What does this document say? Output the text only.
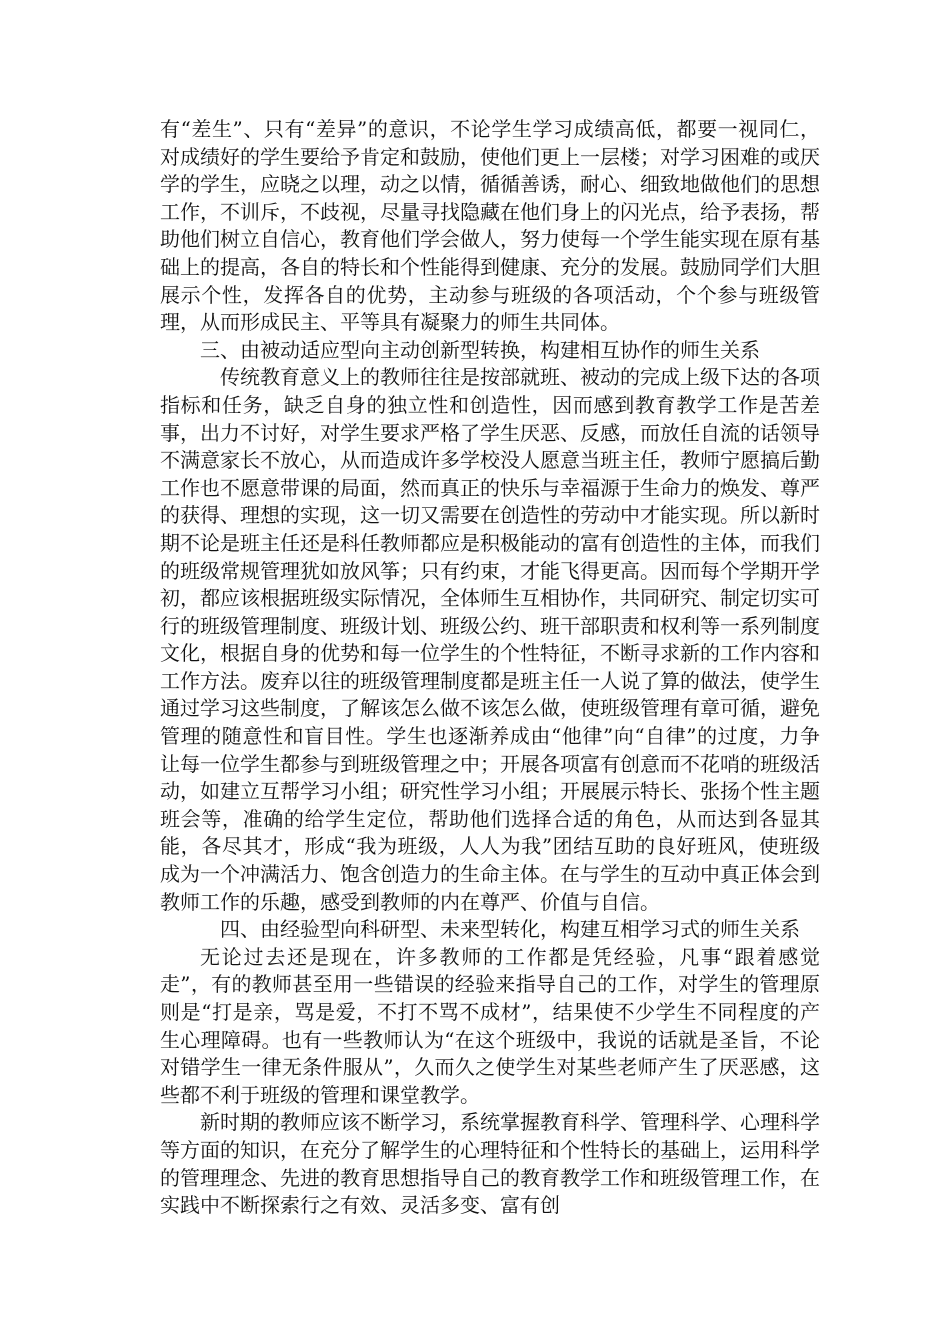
有“差生”、只有“差异”的意识，不论学生学习成绩高低，都要一视同仁，对成绩好的学生要给予肯定和鼓励，使他们更上一层楼；对学习困难的或厌学的学生，应晓之以理，动之以情，循循善诱，耐心、细致地做他们的思想工作，不训斥，不歧视，尽量寻找隐藏在他们身上的闪光点，给予表扬，帮助他们树立自信心，教育他们学会做人，努力使每一个学生能实现在原有基础上的提高，各自的特长和个性能得到健康、充分的发展。鼓励同学们大胆展示个性，发挥各自的优势，主动参与班级的各项活动，个个参与班级管理，从而形成民主、平等具有凝聚力的师生共同体。

三、由被动适应型向主动创新型转换，构建相互协作的师生关系

传统教育意义上的教师往往是按部就班、被动的完成上级下达的各项指标和任务，缺乏自身的独立性和创造性，因而感到教育教学工作是苦差事，出力不讨好，对学生要求严格了学生厌恶、反感，而放任自流的话领导不满意家长不放心，从而造成许多学校没人愿意当班主任，教师宁愿搞后勤工作也不愿意带课的局面，然而真正的快乐与幸福源于生命力的焕发、尊严的获得、理想的实现，这一切又需要在创造性的劳动中才能实现。所以新时期不论是班主任还是科任教师都应是积极能动的富有创造性的主体，而我们的班级常规管理犹如放风筝；只有约束，才能飞得更高。因而每个学期开学初，都应该根据班级实际情况，全体师生互相协作，共同研究、制定切实可行的班级管理制度、班级计划、班级公约、班干部职责和权利等一系列制度文化，根据自身的优势和每一位学生的个性特征，不断寻求新的工作内容和工作方法。废弃以往的班级管理制度都是班主任一人说了算的做法，使学生通过学习这些制度，了解该怎么做不该怎么做，使班级管理有章可循，避免管理的随意性和盲目性。学生也逐渐养成由“他律”向“自律”的过度，力争让每一位学生都参与到班级管理之中；开展各项富有创意而不花哨的班级活动，如建立互帮学习小组；研究性学习小组；开展展示特长、张扬个性主题班会等，准确的给学生定位，帮助他们选择合适的角色，从而达到各显其能，各尽其才，形成“我为班级，人人为我”团结互助的良好班风，使班级成为一个冲满活力、饱含创造力的生命主体。在与学生的互动中真正体会到教师工作的乐趣，感受到教师的内在尊严、价值与自信。

四、由经验型向科研型、未来型转化，构建互相学习式的师生关系

无论过去还是现在，许多教师的工作都是凭经验，凡事“跟着感觉走”，有的教师甚至用一些错误的经验来指导自己的工作，对学生的管理原则是“打是亲，骂是爱，不打不骂不成材”，结果使不少学生不同程度的产生心理障碍。也有一些教师认为“在这个班级中，我说的话就是圣旨，不论对错学生一律无条件服从”，久而久之使学生对某些老师产生了厌恶感，这些都不利于班级的管理和课堂教学。

新时期的教师应该不断学习，系统掌握教育科学、管理科学、心理科学等方面的知识，在充分了解学生的心理特征和个性特长的基础上，运用科学的管理理念、先进的教育思想指导自己的教育教学工作和班级管理工作，在实践中不断探索行之有效、灵活多变、富有创
